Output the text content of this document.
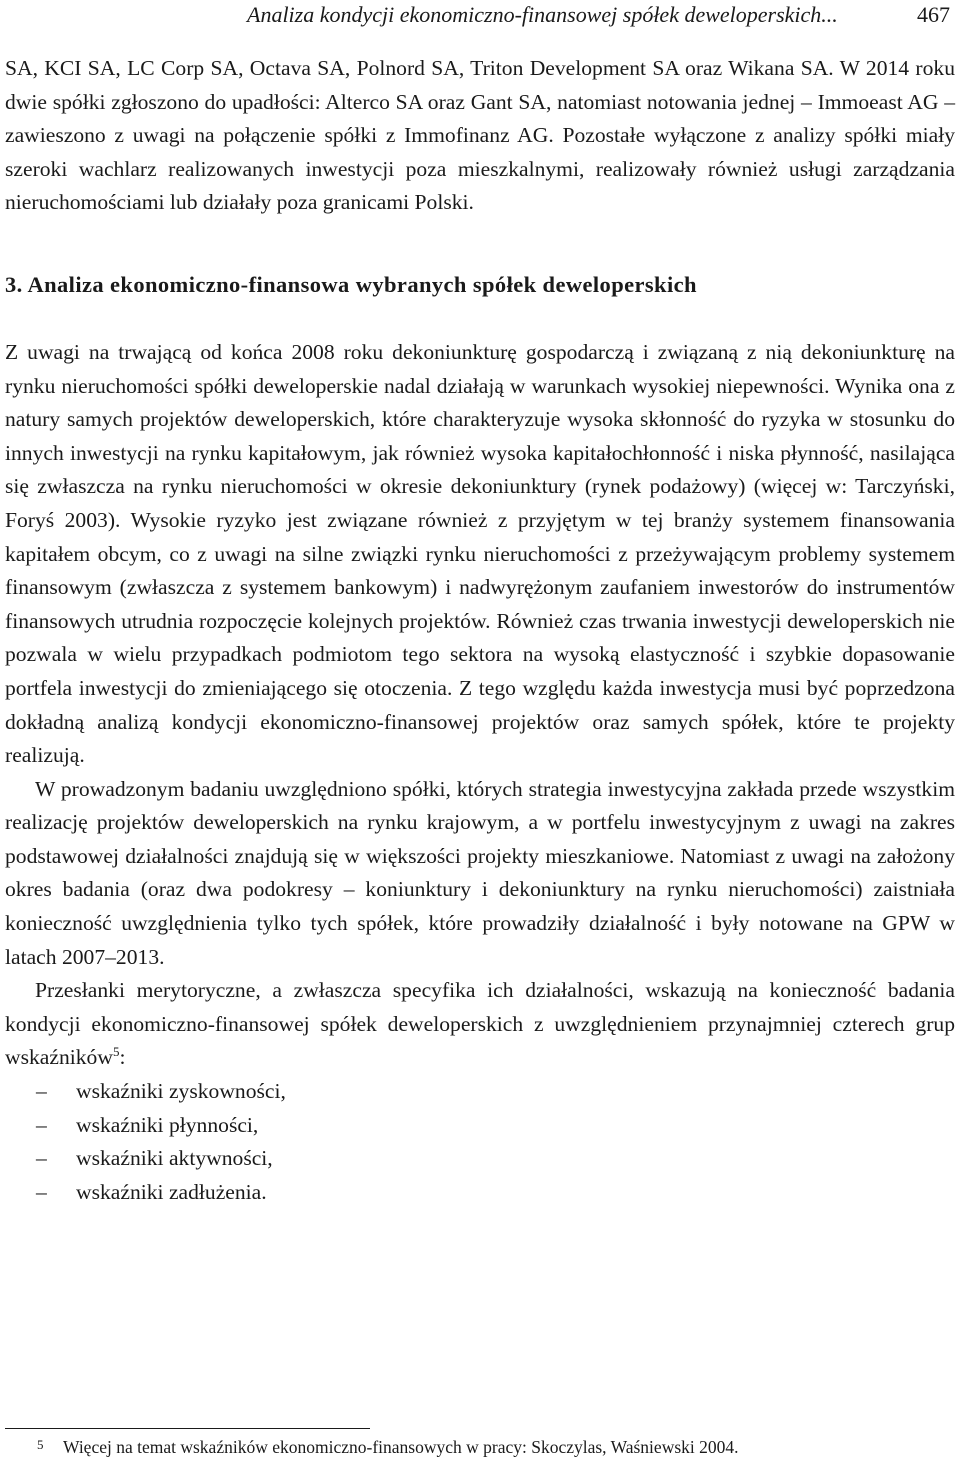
Analiza kondycji ekonomiczno-finansowej spółek deweloperskich...	467

SA, KCI SA, LC Corp SA, Octava SA, Polnord SA, Triton Development SA oraz Wikana SA. W 2014 roku dwie spółki zgłoszono do upadłości: Alterco SA oraz Gant SA, natomiast notowania jednej – Immoeast AG – zawieszono z uwagi na połączenie spółki z Immofinanz AG. Pozostałe wyłączone z analizy spółki miały szeroki wachlarz realizowanych inwestycji poza mieszkalnymi, realizowały również usługi zarządzania nieruchomościami lub działały poza granicami Polski.

3. Analiza ekonomiczno-finansowa wybranych spółek deweloperskich

Z uwagi na trwającą od końca 2008 roku dekoniunkturę gospodarczą i związaną z nią dekoniunkturę na rynku nieruchomości spółki deweloperskie nadal działają w warunkach wysokiej niepewności. Wynika ona z natury samych projektów deweloperskich, które charakteryzuje wysoka skłonność do ryzyka w stosunku do innych inwestycji na rynku kapitałowym, jak również wysoka kapitałochłonność i niska płynność, nasilająca się zwłaszcza na rynku nieruchomości w okresie dekoniunktury (rynek podażowy) (więcej w: Tarczyński, Foryś 2003). Wysokie ryzyko jest związane również z przyjętym w tej branży systemem finansowania kapitałem obcym, co z uwagi na silne związki rynku nieruchomości z przeżywającym problemy systemem finansowym (zwłaszcza z systemem bankowym) i nadwyrężonym zaufaniem inwestorów do instrumentów finansowych utrudnia rozpoczęcie kolejnych projektów. Również czas trwania inwestycji deweloperskich nie pozwala w wielu przypadkach podmiotom tego sektora na wysoką elastyczność i szybkie dopasowanie portfela inwestycji do zmieniającego się otoczenia. Z tego względu każda inwestycja musi być poprzedzona dokładną analizą kondycji ekonomiczno-finansowej projektów oraz samych spółek, które te projekty realizują.

W prowadzonym badaniu uwzględniono spółki, których strategia inwestycyjna zakłada przede wszystkim realizację projektów deweloperskich na rynku krajowym, a w portfelu inwestycyjnym z uwagi na zakres podstawowej działalności znajdują się w większości projekty mieszkaniowe. Natomiast z uwagi na założony okres badania (oraz dwa podokresy – koniunktury i dekoniunktury na rynku nieruchomości) zaistniała konieczność uwzględnienia tylko tych spółek, które prowadziły działalność i były notowane na GPW w latach 2007–2013.

Przesłanki merytoryczne, a zwłaszcza specyfika ich działalności, wskazują na konieczność badania kondycji ekonomiczno-finansowej spółek deweloperskich z uwzględnieniem przynajmniej czterech grup wskaźników$^5$:

– wskaźniki zyskowności,
– wskaźniki płynności,
– wskaźniki aktywności,
– wskaźniki zadłużenia.
5 Więcej na temat wskaźników ekonomiczno-finansowych w pracy: Skoczylas, Waśniewski 2004.
